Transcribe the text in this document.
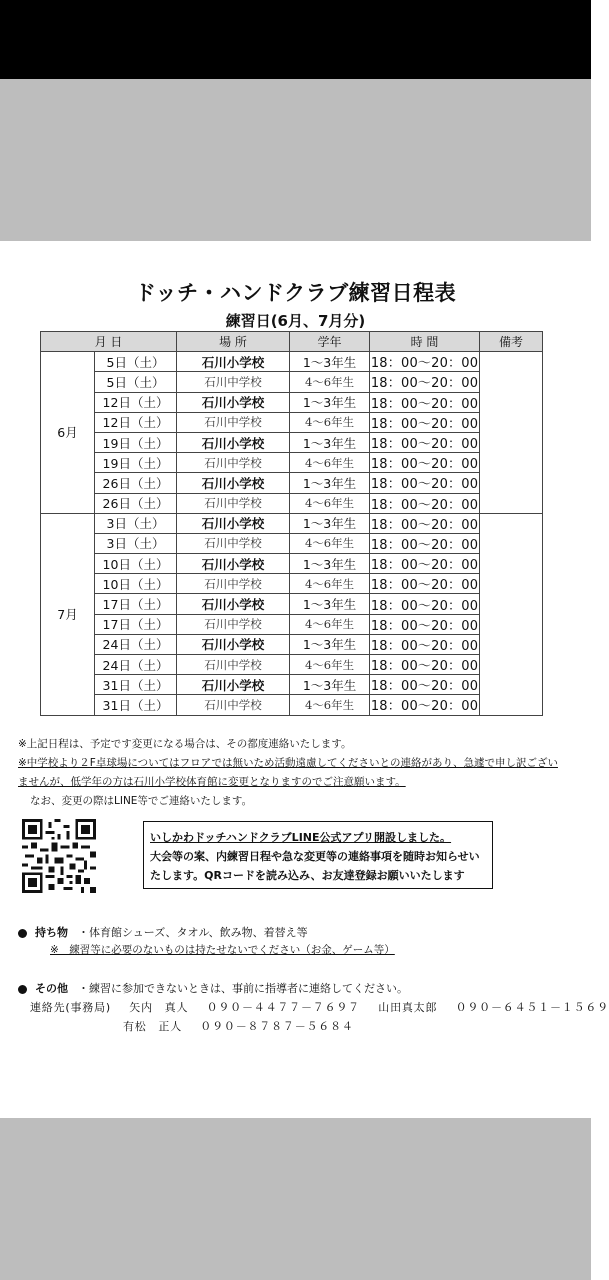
ドッチ・ハンドクラブ練習日程表
練習日(6月、7月分)
月 日		場 所	学年	時 間	備考
6月	5日（土）	石川小学校	1～3年生	18：00～20：00	
	5日（土）	石川中学校	4～6年生	18：00～20：00	
	12日（土）	石川小学校	1～3年生	18：00～20：00	
	12日（土）	石川中学校	4～6年生	18：00～20：00	
	19日（土）	石川小学校	1～3年生	18：00～20：00	
	19日（土）	石川中学校	4～6年生	18：00～20：00	
	26日（土）	石川小学校	1～3年生	18：00～20：00	
	26日（土）	石川中学校	4～6年生	18：00～20：00	
7月	3日（土）	石川小学校	1～3年生	18：00～20：00	
	3日（土）	石川中学校	4～6年生	18：00～20：00	
	10日（土）	石川小学校	1～3年生	18：00～20：00	
	10日（土）	石川中学校	4～6年生	18：00～20：00	
	17日（土）	石川小学校	1～3年生	18：00～20：00	
	17日（土）	石川中学校	4～6年生	18：00～20：00	
	24日（土）	石川小学校	1～3年生	18：00～20：00	
	24日（土）	石川中学校	4～6年生	18：00～20：00	
	31日（土）	石川小学校	1～3年生	18：00～20：00	
	31日（土）	石川中学校	4～6年生	18：00～20：00	
※上記日程は、予定です変更になる場合は、その都度連絡いたします。
※中学校より２F卓球場についてはフロアでは無いため活動遠慮してくださいとの連絡があり、急遽で申し訳ござい
ませんが、低学年の方は石川小学校体育館に変更となりますのでご注意願います。
なお、変更の際はLINE等でご連絡いたします。
いしかわドッチハンドクラブLINE公式アプリ開設しました。
大会等の案、内練習日程や急な変更等の連絡事項を随時お知らせい
たします。QRコードを読み込み、お友達登録お願いいたします
持ち物 ・体育館シューズ、タオル、飲み物、着替え等
※　練習等に必要のないものは持たせないでください（お金、ゲーム等）
その他 ・練習に参加できないときは、事前に指導者に連絡してください。
連絡先(事務局) 矢内　真人 ０９０－４４７７－７６９７ 山田真太郎 ０９０－６４５１－１５６９
有松　正人 ０９０－８７８７－５６８４
